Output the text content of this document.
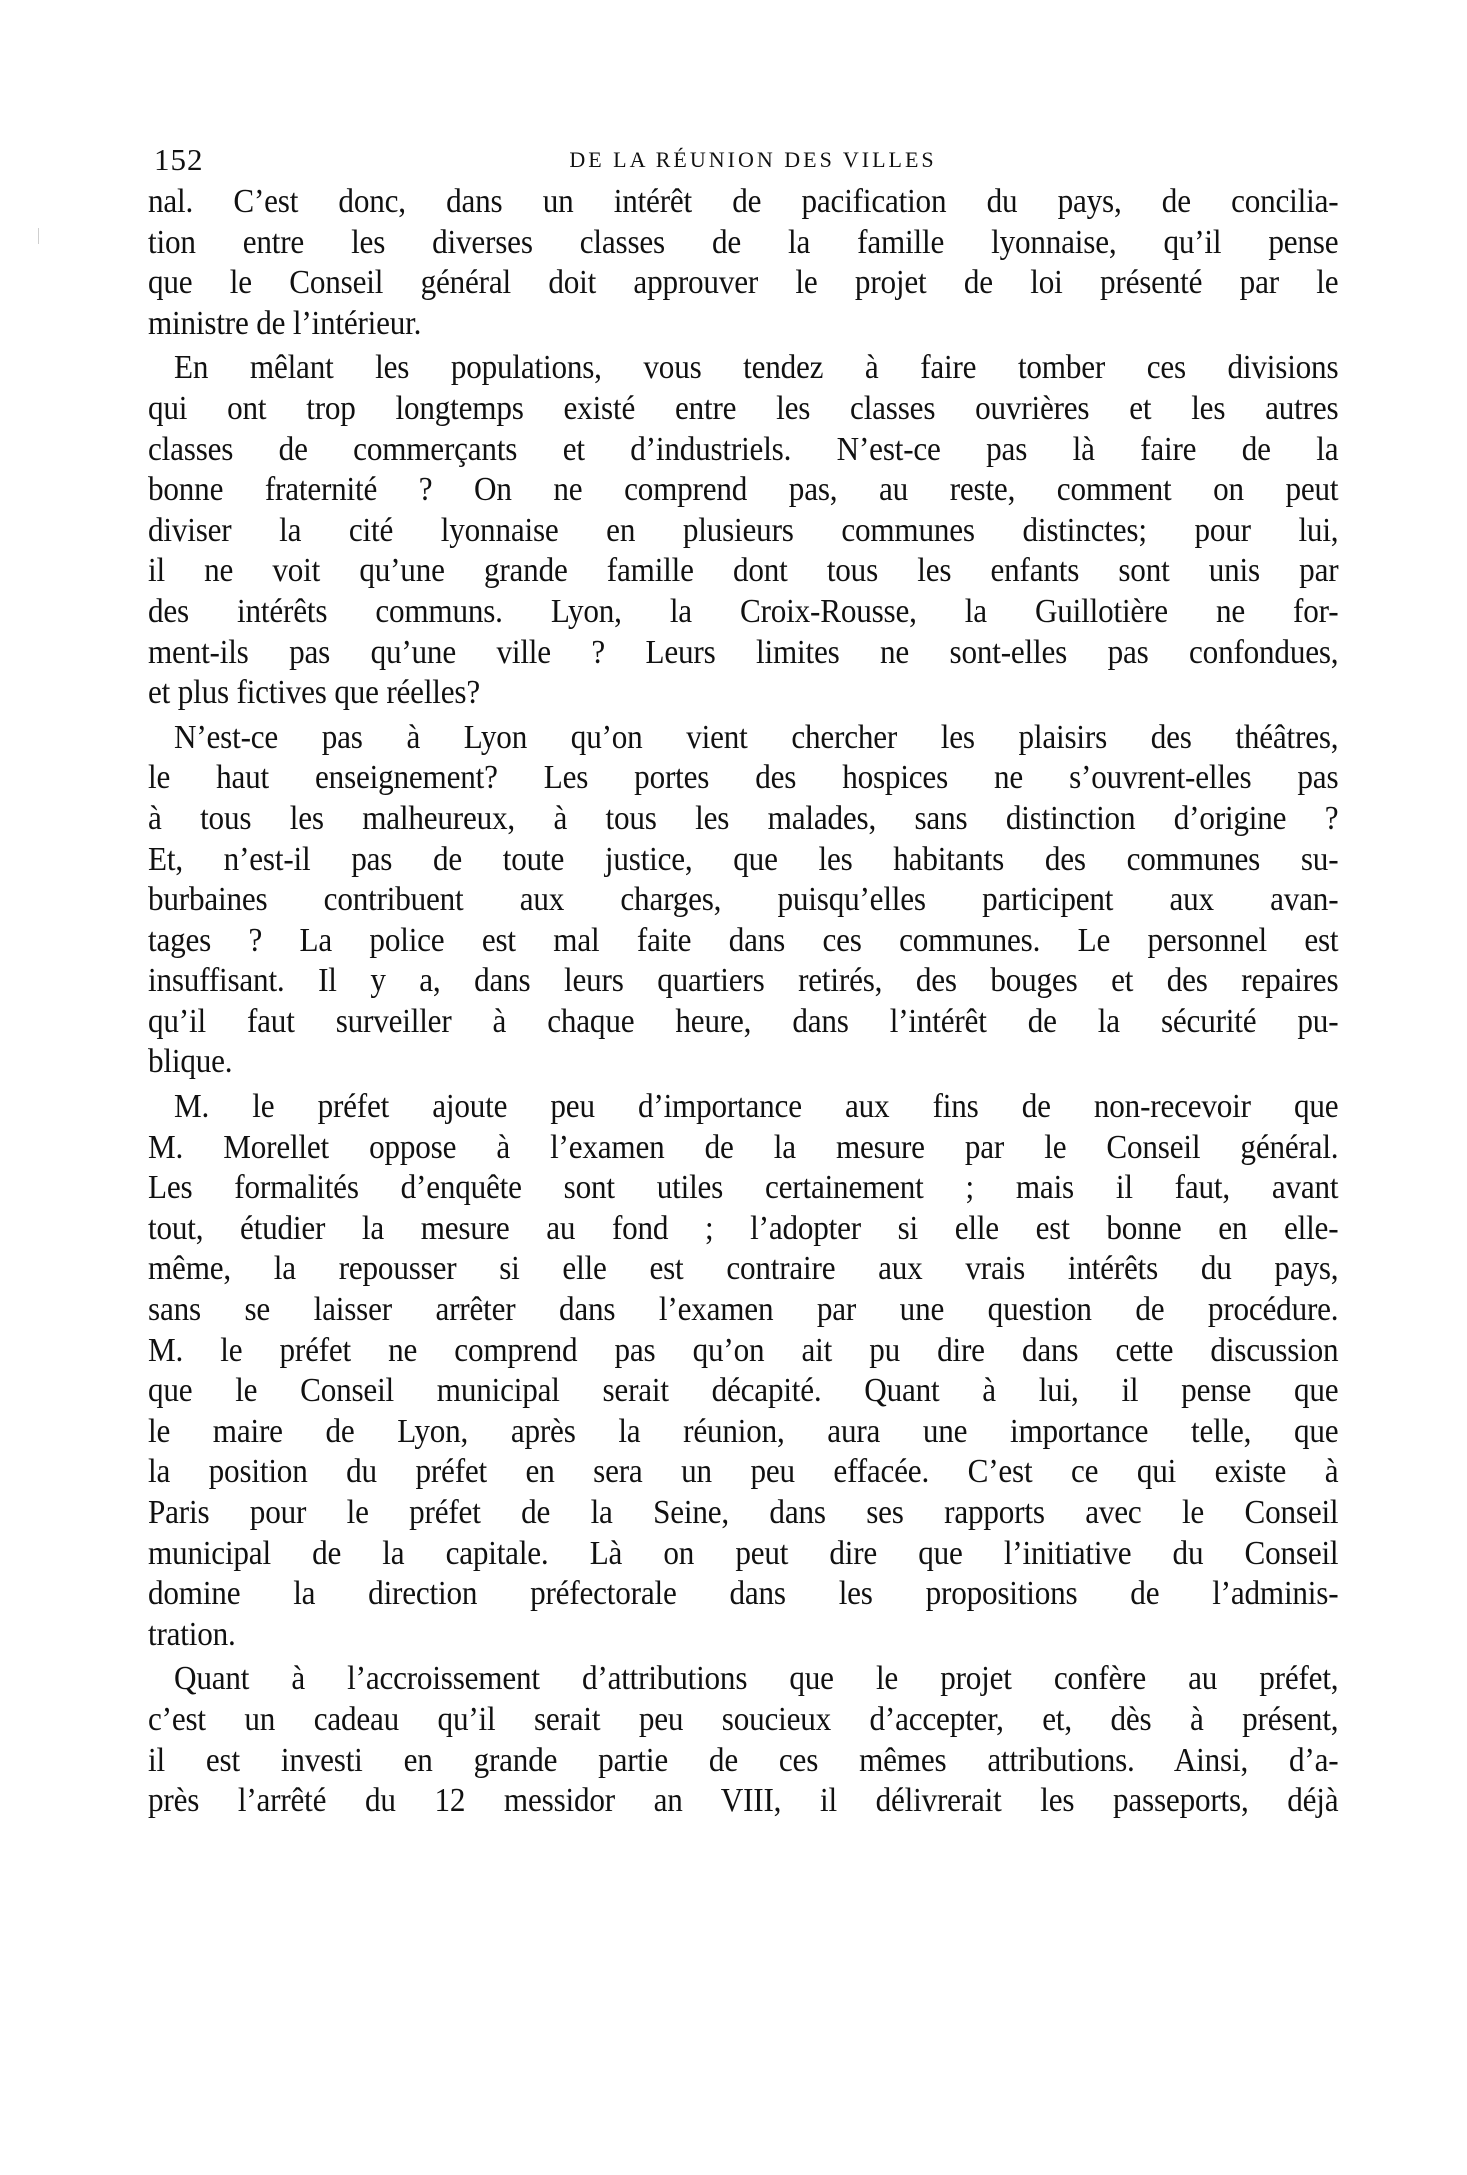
152	DE LA RÉUNION DES VILLES

nal. C’est donc, dans un intérêt de pacification du pays, de concilia-
tion entre les diverses classes de la famille lyonnaise, qu’il pense
que le Conseil général doit approuver le projet de loi présenté par le
ministre de l’intérieur.

En mêlant les populations, vous tendez à faire tomber ces divisions
qui ont trop longtemps existé entre les classes ouvrières et les autres
classes de commerçants et d’industriels. N’est-ce pas là faire de la
bonne fraternité ? On ne comprend pas, au reste, comment on peut
diviser la cité lyonnaise en plusieurs communes distinctes; pour lui,
il ne voit qu’une grande famille dont tous les enfants sont unis par
des intérêts communs. Lyon, la Croix-Rousse, la Guillotière ne for-
ment-ils pas qu’une ville ? Leurs limites ne sont-elles pas confondues,
et plus fictives que réelles?

N’est-ce pas à Lyon qu’on vient chercher les plaisirs des théâtres,
le haut enseignement? Les portes des hospices ne s’ouvrent-elles pas
à tous les malheureux, à tous les malades, sans distinction d’origine ?
Et, n’est-il pas de toute justice, que les habitants des communes su-
burbaines contribuent aux charges, puisqu’elles participent aux avan-
tages ? La police est mal faite dans ces communes. Le personnel est
insuffisant. Il y a, dans leurs quartiers retirés, des bouges et des repaires
qu’il faut surveiller à chaque heure, dans l’intérêt de la sécurité pu-
blique.

M. le préfet ajoute peu d’importance aux fins de non-recevoir que
M. Morellet oppose à l’examen de la mesure par le Conseil général.
Les formalités d’enquête sont utiles certainement ; mais il faut, avant
tout, étudier la mesure au fond ; l’adopter si elle est bonne en elle-
même, la repousser si elle est contraire aux vrais intérêts du pays,
sans se laisser arrêter dans l’examen par une question de procédure.
M. le préfet ne comprend pas qu’on ait pu dire dans cette discussion
que le Conseil municipal serait décapité. Quant à lui, il pense que
le maire de Lyon, après la réunion, aura une importance telle, que
la position du préfet en sera un peu effacée. C’est ce qui existe à
Paris pour le préfet de la Seine, dans ses rapports avec le Conseil
municipal de la capitale. Là on peut dire que l’initiative du Conseil
domine la direction préfectorale dans les propositions de l’adminis-
tration.

Quant à l’accroissement d’attributions que le projet confère au préfet,
c’est un cadeau qu’il serait peu soucieux d’accepter, et, dès à présent,
il est investi en grande partie de ces mêmes attributions. Ainsi, d’a-
près l’arrêté du 12 messidor an VIII, il délivrerait les passeports, déjà
